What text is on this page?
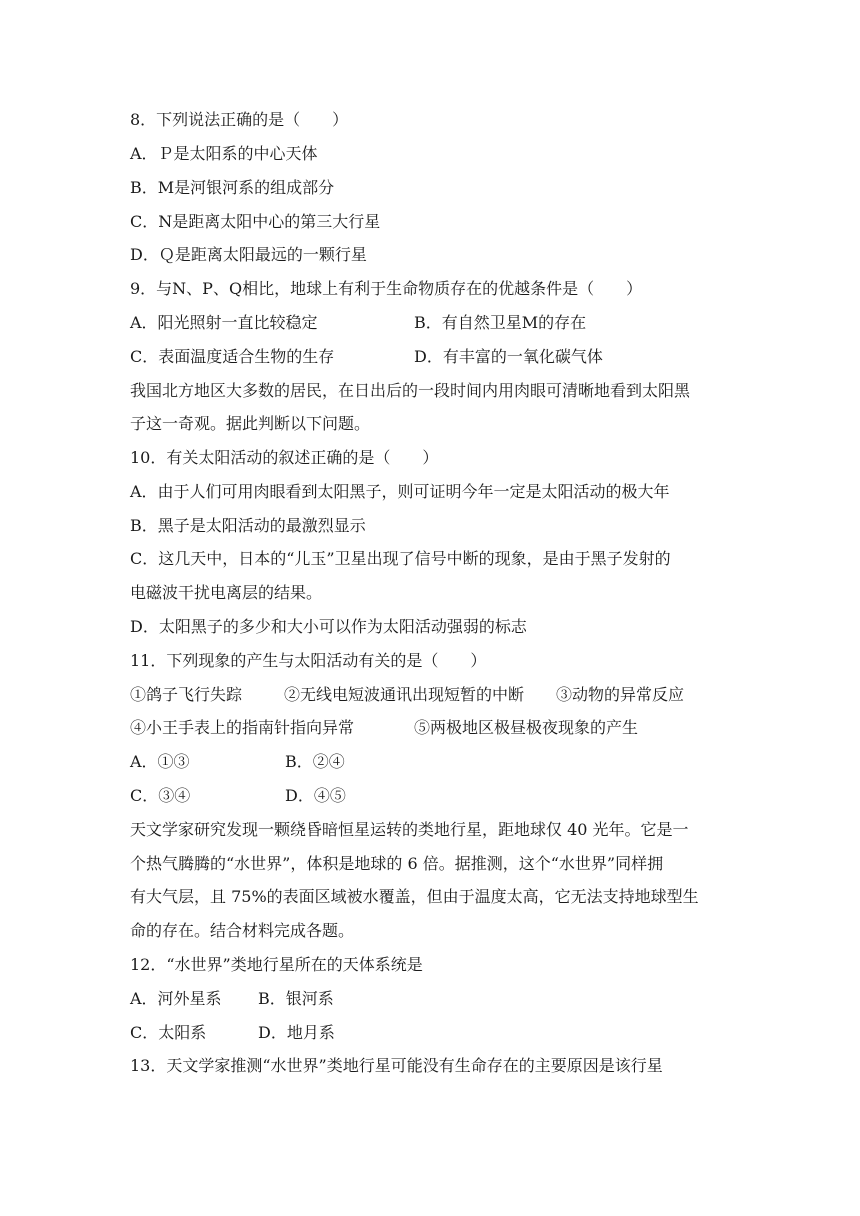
8．下列说法正确的是（　　）
A．Ｐ是太阳系的中心天体
B．M是河银河系的组成部分
C．N是距离太阳中心的第三大行星
D．Ｑ是距离太阳最远的一颗行星
9．与N、P、Q相比，地球上有利于生命物质存在的优越条件是（　　）
A．阳光照射一直比较稳定	B．有自然卫星M的存在
C．表面温度适合生物的生存	D．有丰富的一氧化碳气体
我国北方地区大多数的居民，在日出后的一段时间内用肉眼可清晰地看到太阳黑
子这一奇观。据此判断以下问题。
10．有关太阳活动的叙述正确的是（　　）
A．由于人们可用肉眼看到太阳黑子，则可证明今年一定是太阳活动的极大年
B．黑子是太阳活动的最激烈显示
C．这几天中，日本的“儿玉”卫星出现了信号中断的现象，是由于黑子发射的
电磁波干扰电离层的结果。
D．太阳黑子的多少和大小可以作为太阳活动强弱的标志
11．下列现象的产生与太阳活动有关的是（　　）
①鸽子飞行失踪	②无线电短波通讯出现短暂的中断 ③动物的异常反应
④小王手表上的指南针指向异常	⑤两极地区极昼极夜现象的产生
A．①③	B．②④
C．③④	D．④⑤
天文学家研究发现一颗绕昏暗恒星运转的类地行星，距地球仅 40 光年。它是一
个热气腾腾的“水世界”，体积是地球的 6 倍。据推测，这个“水世界”同样拥
有大气层，且 75%的表面区域被水覆盖，但由于温度太高，它无法支持地球型生
命的存在。结合材料完成各题。
12．“水世界”类地行星所在的天体系统是
A．河外星系 B．银河系
C．太阳系	D．地月系
13．天文学家推测“水世界”类地行星可能没有生命存在的主要原因是该行星
